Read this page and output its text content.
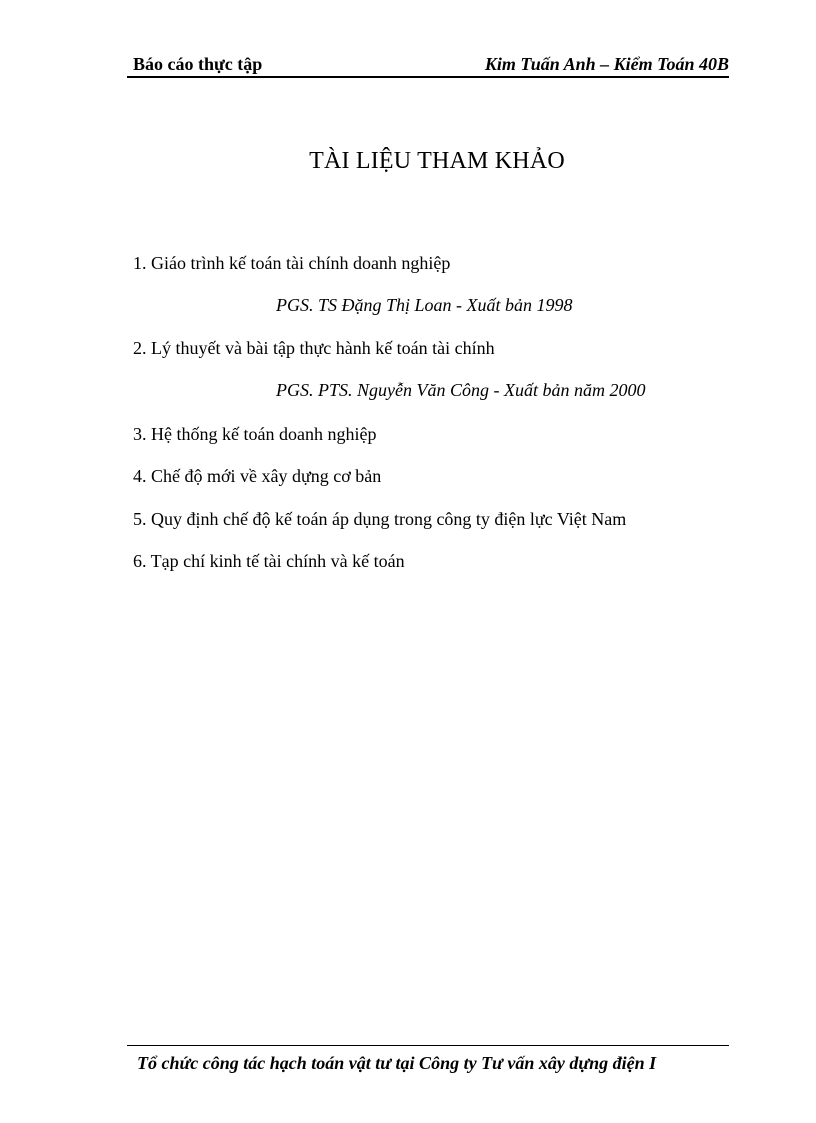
Báo cáo thực tập	Kim Tuấn Anh – Kiểm Toán 40B
TÀI LIỆU THAM KHẢO
1. Giáo trình kế toán tài chính doanh nghiệp
PGS. TS Đặng Thị Loan - Xuất bản 1998
2. Lý thuyết và bài tập thực hành kế toán tài chính
PGS. PTS. Nguyễn Văn Công - Xuất bản năm 2000
3. Hệ thống kế toán doanh nghiệp
4. Chế độ mới về xây dựng cơ bản
5. Quy định chế độ kế toán áp dụng trong công ty điện lực Việt Nam
6. Tạp chí kinh tế tài chính và kế toán
Tổ chức công tác hạch toán vật tư tại Công ty Tư vấn xây dựng điện I
